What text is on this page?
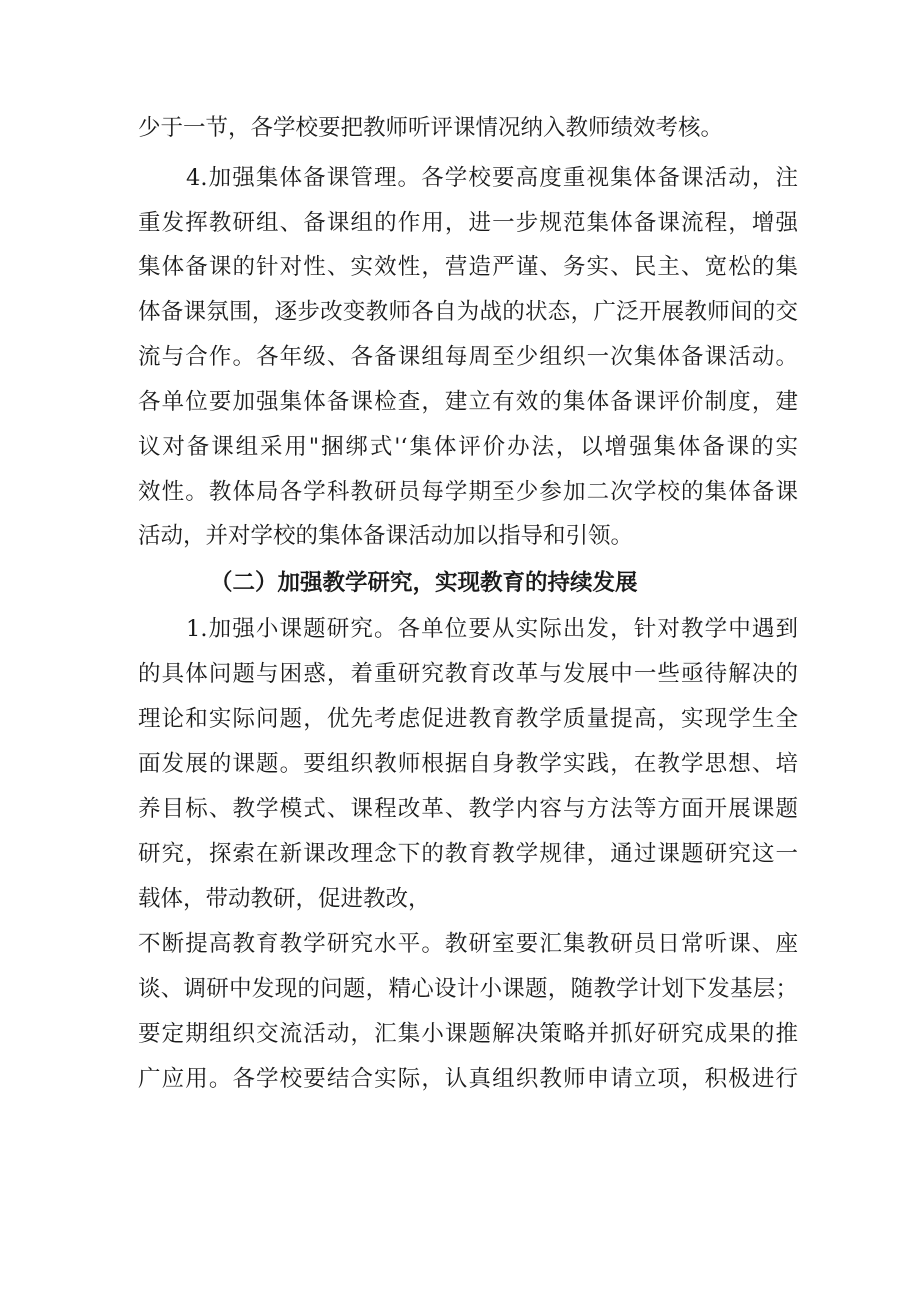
少于一节，各学校要把教师听评课情况纳入教师绩效考核。
4.加强集体备课管理。各学校要高度重视集体备课活动，注
重发挥教研组、备课组的作用，进一步规范集体备课流程，增强
集体备课的针对性、实效性，营造严谨、务实、民主、宽松的集
体备课氛围，逐步改变教师各自为战的状态，广泛开展教师间的交
流与合作。各年级、各备课组每周至少组织一次集体备课活动。
各单位要加强集体备课检查，建立有效的集体备课评价制度，建
议对备课组采用"捆绑式'‘集体评价办法，以增强集体备课的实
效性。教体局各学科教研员每学期至少参加二次学校的集体备课
活动，并对学校的集体备课活动加以指导和引领。
（二）加强教学研究，实现教育的持续发展
1.加强小课题研究。各单位要从实际出发，针对教学中遇到
的具体问题与困惑，着重研究教育改革与发展中一些亟待解决的
理论和实际问题，优先考虑促进教育教学质量提高，实现学生全
面发展的课题。要组织教师根据自身教学实践，在教学思想、培
养目标、教学模式、课程改革、教学内容与方法等方面开展课题
研究，探索在新课改理念下的教育教学规律，通过课题研究这一
载体，带动教研，促进教改，
不断提高教育教学研究水平。教研室要汇集教研员日常听课、座
谈、调研中发现的问题，精心设计小课题，随教学计划下发基层；
要定期组织交流活动，汇集小课题解决策略并抓好研究成果的推
广应用。各学校要结合实际，认真组织教师申请立项，积极进行
